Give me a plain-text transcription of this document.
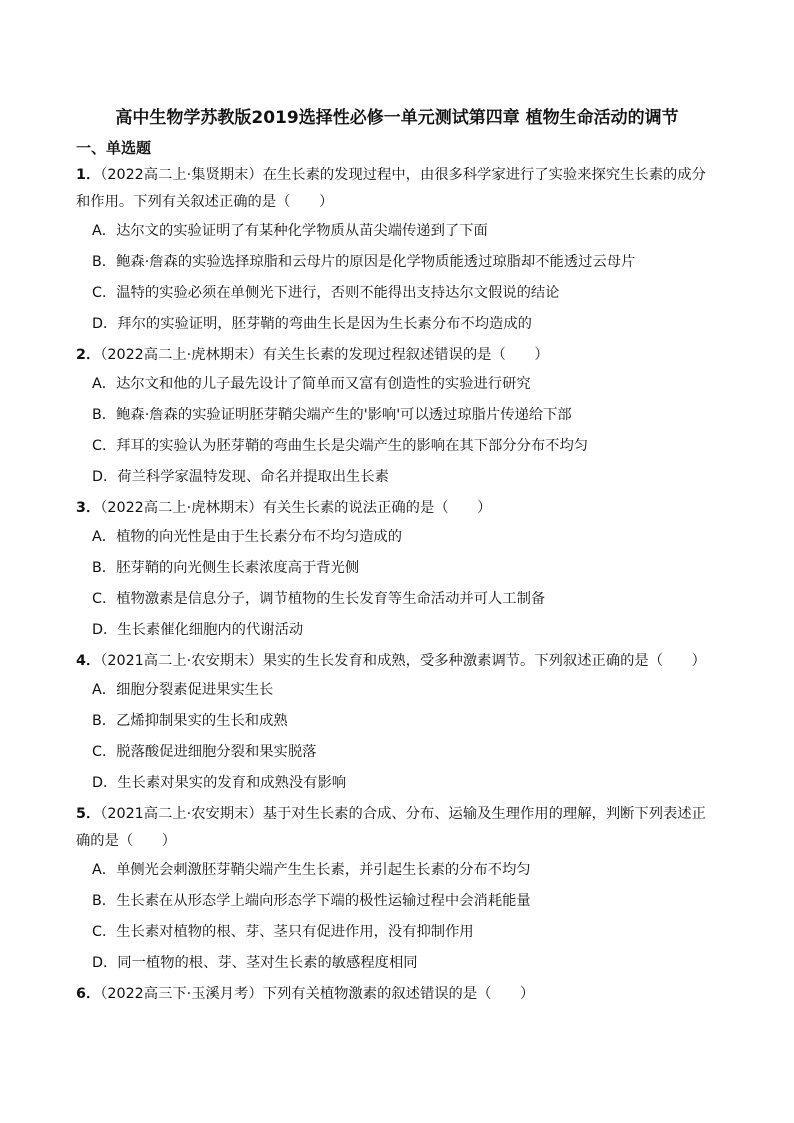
高中生物学苏教版2019选择性必修一单元测试第四章 植物生命活动的调节
一、单选题

1．（2022高二上·集贤期末）在生长素的发现过程中，由很多科学家进行了实验来探究生长素的成分和作用。下列有关叙述正确的是（　　）

A．达尔文的实验证明了有某种化学物质从苗尖端传递到了下面

B．鲍森·詹森的实验选择琼脂和云母片的原因是化学物质能透过琼脂却不能透过云母片

C．温特的实验必须在单侧光下进行，否则不能得出支持达尔文假说的结论

D．拜尔的实验证明，胚芽鞘的弯曲生长是因为生长素分布不均造成的

2．（2022高二上·虎林期末）有关生长素的发现过程叙述错误的是（　　）

A．达尔文和他的儿子最先设计了简单而又富有创造性的实验进行研究

B．鲍森·詹森的实验证明胚芽鞘尖端产生的'影响'可以透过琼脂片传递给下部

C．拜耳的实验认为胚芽鞘的弯曲生长是尖端产生的影响在其下部分分布不均匀

D．荷兰科学家温特发现、命名并提取出生长素

3．（2022高二上·虎林期末）有关生长素的说法正确的是（　　）

A．植物的向光性是由于生长素分布不均匀造成的

B．胚芽鞘的向光侧生长素浓度高于背光侧

C．植物激素是信息分子，调节植物的生长发育等生命活动并可人工制备

D．生长素催化细胞内的代谢活动

4．（2021高二上·农安期末）果实的生长发育和成熟，受多种激素调节。下列叙述正确的是（　　）

A．细胞分裂素促进果实生长

B．乙烯抑制果实的生长和成熟

C．脱落酸促进细胞分裂和果实脱落

D．生长素对果实的发育和成熟没有影响

5．（2021高二上·农安期末）基于对生长素的合成、分布、运输及生理作用的理解，判断下列表述正确的是（　　）

A．单侧光会刺激胚芽鞘尖端产生生长素，并引起生长素的分布不均匀

B．生长素在从形态学上端向形态学下端的极性运输过程中会消耗能量

C．生长素对植物的根、芽、茎只有促进作用，没有抑制作用

D．同一植物的根、芽、茎对生长素的敏感程度相同

6．（2022高三下·玉溪月考）下列有关植物激素的叙述错误的是（　　）
